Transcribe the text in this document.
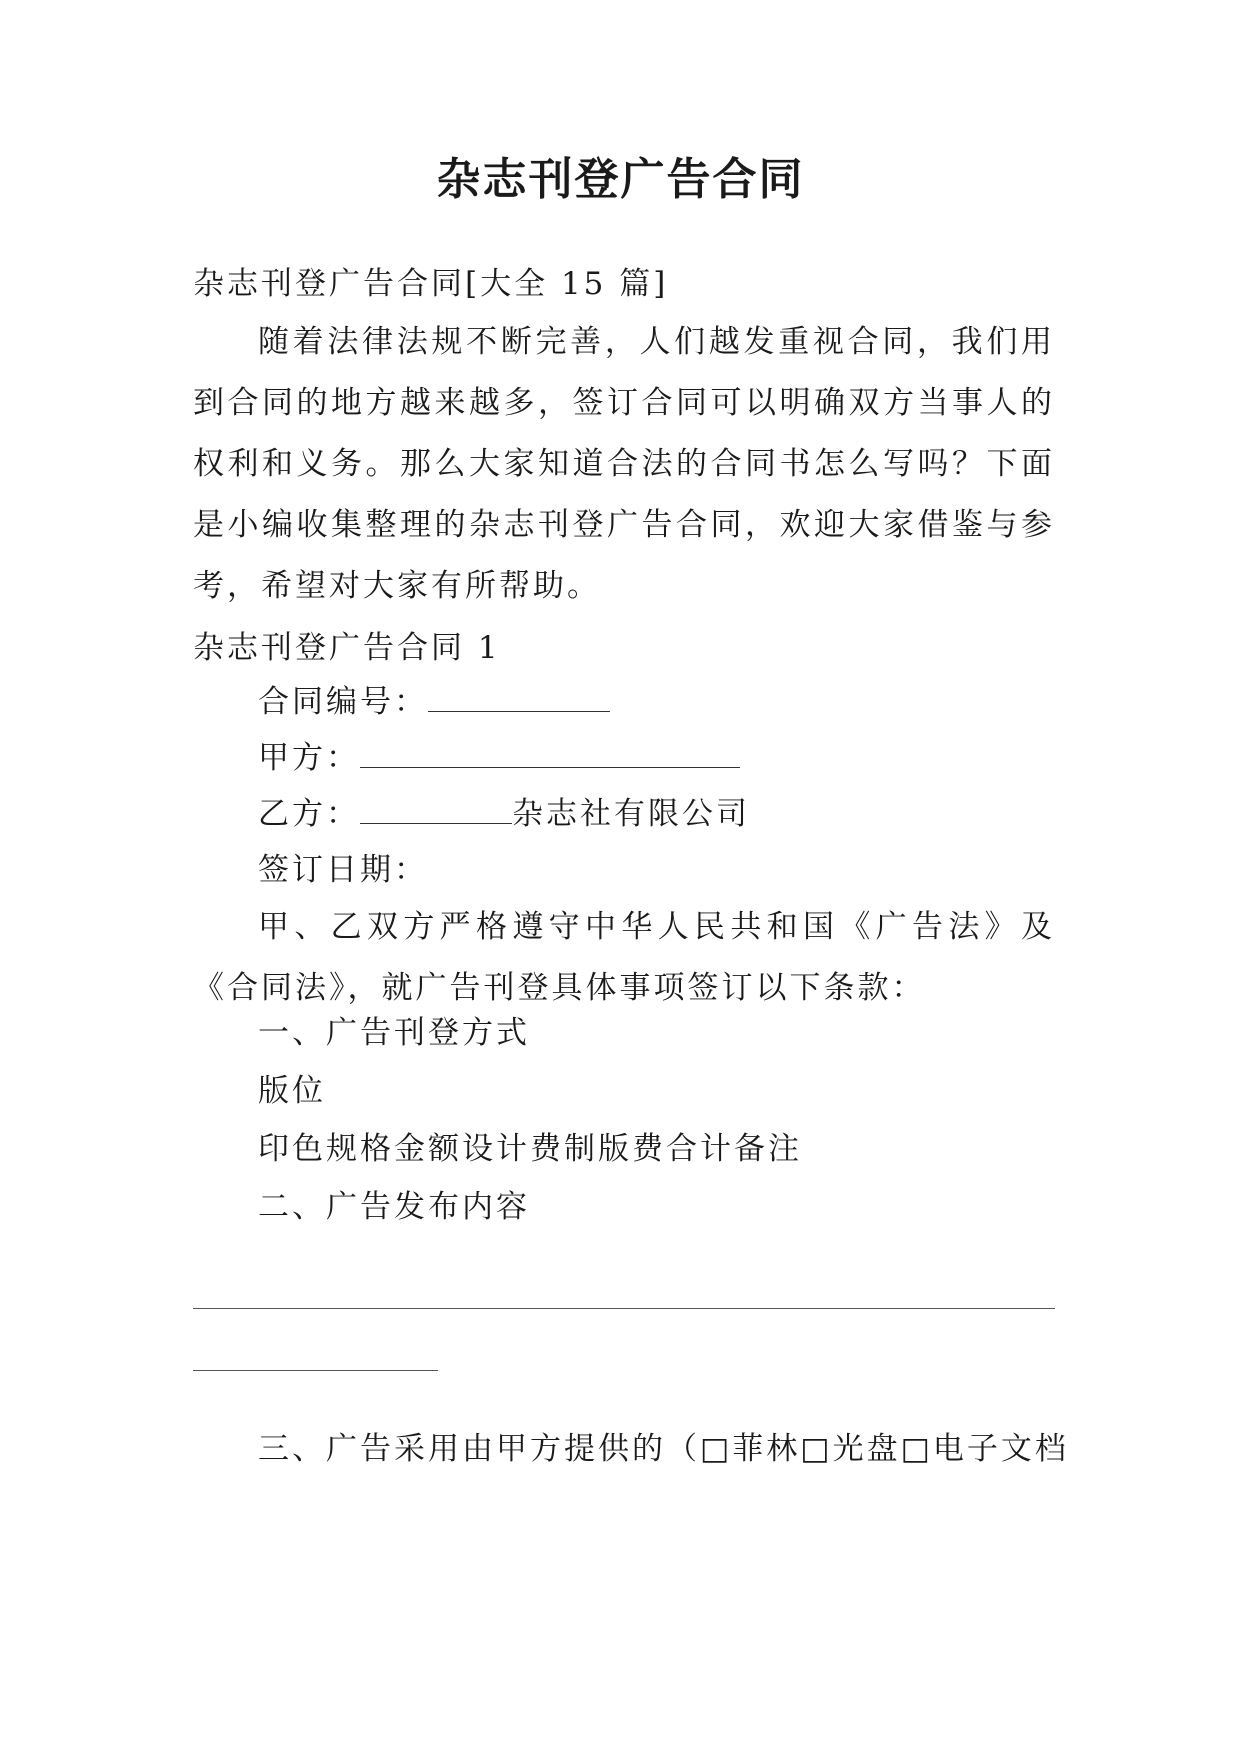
杂志刊登广告合同
杂志刊登广告合同[大全 15 篇]
随着法律法规不断完善，人们越发重视合同，我们用到合同的地方越来越多，签订合同可以明确双方当事人的权利和义务。那么大家知道合法的合同书怎么写吗？下面是小编收集整理的杂志刊登广告合同，欢迎大家借鉴与参考，希望对大家有所帮助。
杂志刊登广告合同 1
合同编号：
甲方：
乙方：	杂志社有限公司
签订日期：
甲、乙双方严格遵守中华人民共和国《广告法》及《合同法》，就广告刊登具体事项签订以下条款：
一、广告刊登方式
版位
印色规格金额设计费制版费合计备注
二、广告发布内容
三、广告采用由甲方提供的（□菲林□光盘□电子文档
